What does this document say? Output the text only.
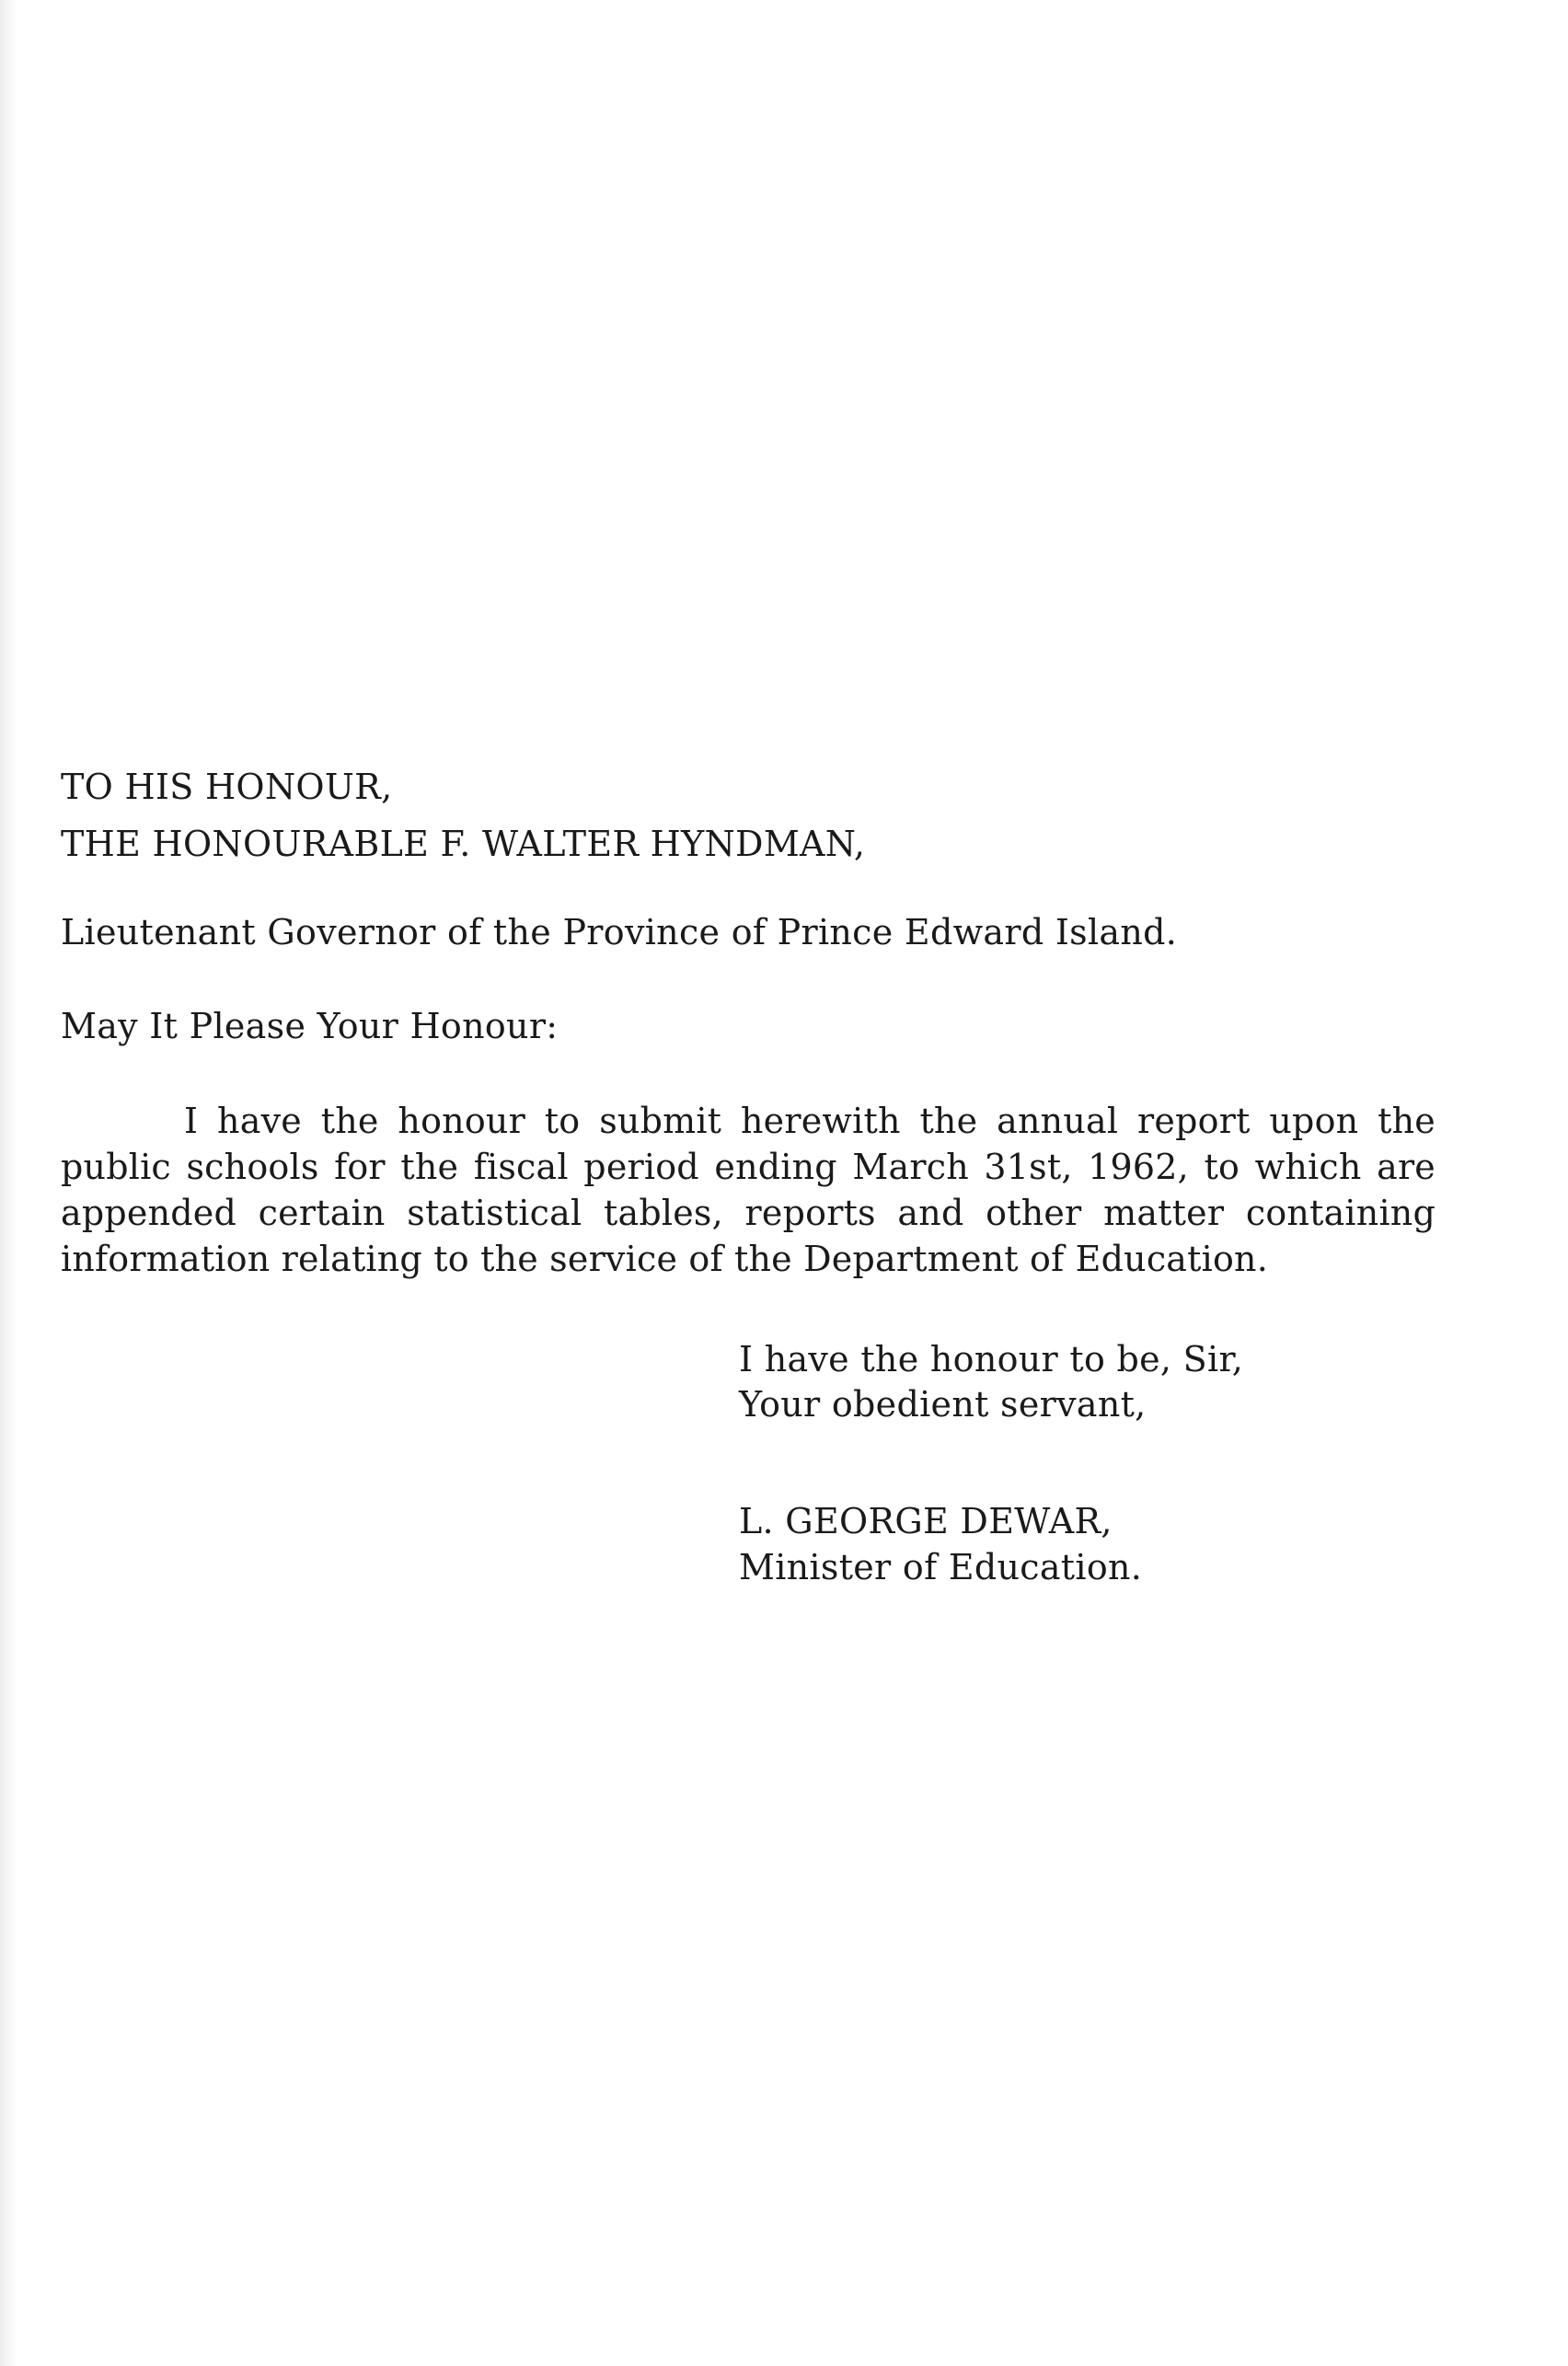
TO HIS HONOUR,

THE HONOURABLE F. WALTER HYNDMAN,

Lieutenant Governor of the Province of Prince Edward Island.

May It Please Your Honour:

I have the honour to submit herewith the annual report upon the public schools for the fiscal period ending March 31st, 1962, to which are appended certain statistical tables, reports and other matter containing information relating to the service of the Department of Education.

I have the honour to be, Sir,

Your obedient servant,

L. GEORGE DEWAR,

Minister of Education.
